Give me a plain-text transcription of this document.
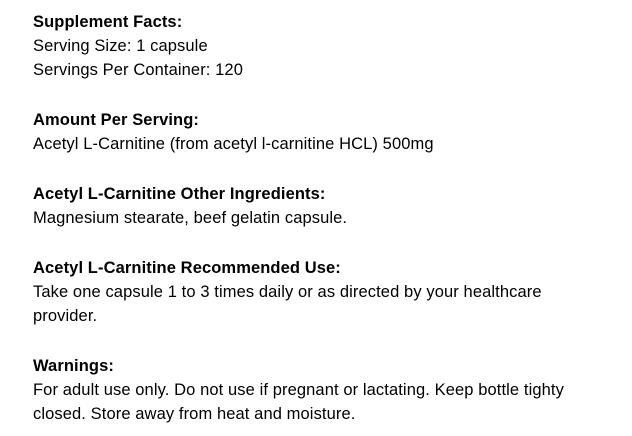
Supplement Facts:
Serving Size: 1 capsule
Servings Per Container: 120
Amount Per Serving:
Acetyl L-Carnitine (from acetyl l-carnitine HCL) 500mg
Acetyl L-Carnitine Other Ingredients:
Magnesium stearate, beef gelatin capsule.
Acetyl L-Carnitine Recommended Use:
Take one capsule 1 to 3 times daily or as directed by your healthcare provider.
Warnings:
For adult use only. Do not use if pregnant or lactating. Keep bottle tighty closed. Store away from heat and moisture.
